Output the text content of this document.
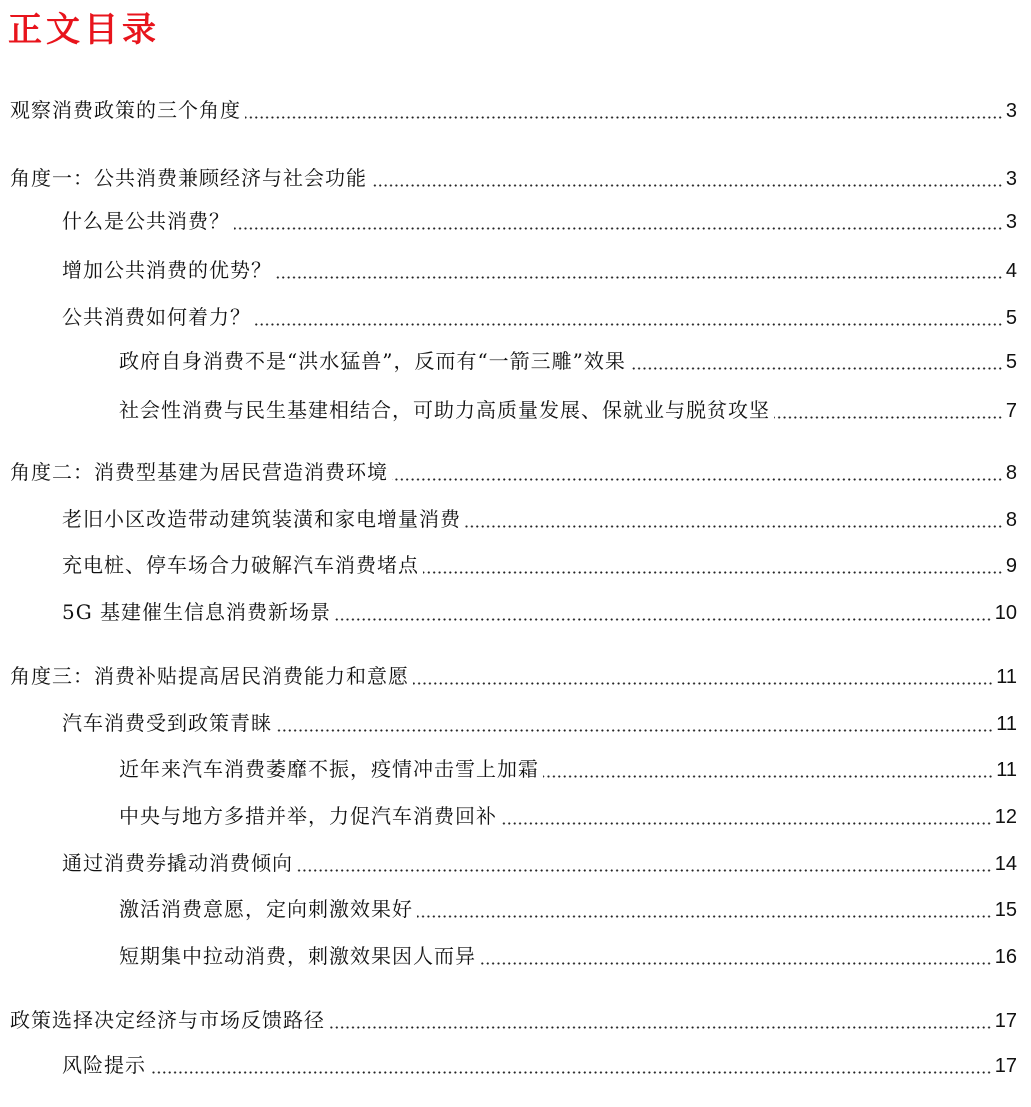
正文目录
观察消费政策的三个角度	3
角度一：公共消费兼顾经济与社会功能	3
什么是公共消费？	3
增加公共消费的优势？	4
公共消费如何着力？	5
政府自身消费不是“洪水猛兽”，反而有“一箭三雕”效果	5
社会性消费与民生基建相结合，可助力高质量发展、保就业与脱贫攻坚	7
角度二：消费型基建为居民营造消费环境	8
老旧小区改造带动建筑装潢和家电增量消费	8
充电桩、停车场合力破解汽车消费堵点	9
5G 基建催生信息消费新场景	10
角度三：消费补贴提高居民消费能力和意愿	11
汽车消费受到政策青睐	11
近年来汽车消费萎靡不振，疫情冲击雪上加霜	11
中央与地方多措并举，力促汽车消费回补	12
通过消费券撬动消费倾向	14
激活消费意愿，定向刺激效果好	15
短期集中拉动消费，刺激效果因人而异	16
政策选择决定经济与市场反馈路径	17
风险提示	17
